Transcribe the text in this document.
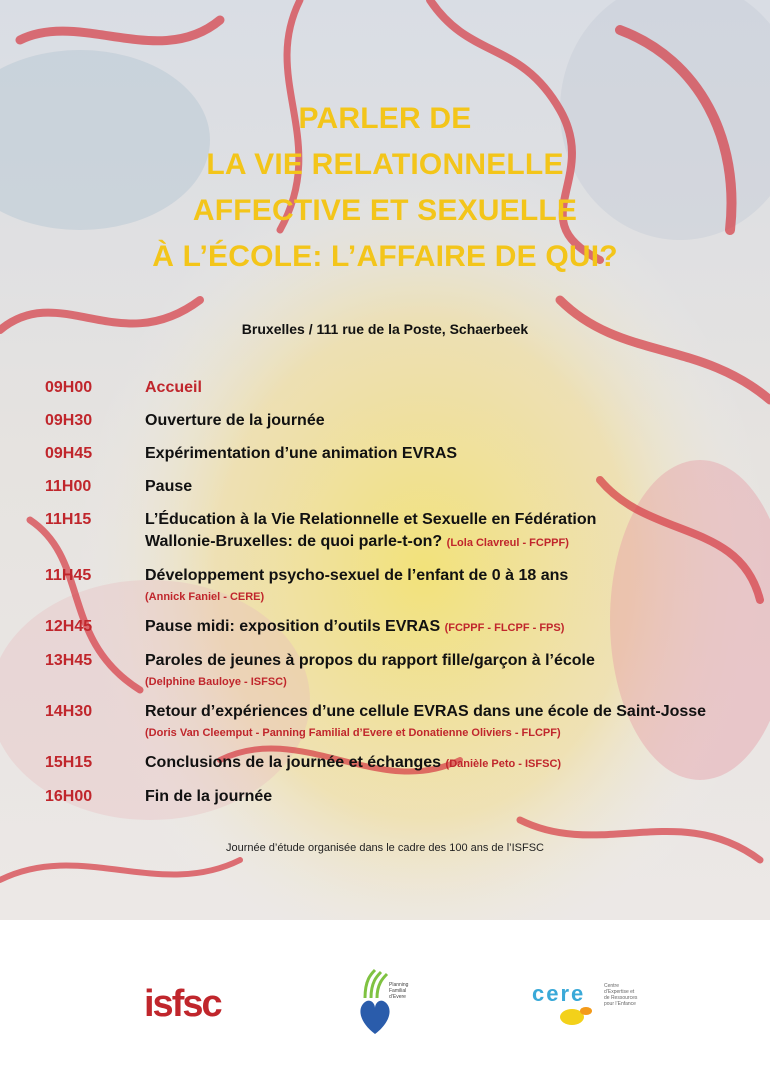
PARLER DE
LA VIE RELATIONNELLE
AFFECTIVE ET SEXUELLE
À L’ÉCOLE: L’AFFAIRE DE QUI?
Bruxelles / 111 rue de la Poste, Schaerbeek
09H00	Accueil
09H30	Ouverture de la journée
09H45	Expérimentation d’une animation EVRAS
11H00	Pause
11H15	L’Éducation à la Vie Relationnelle et Sexuelle en Fédération
Wallonie-Bruxelles: de quoi parle-t-on? (Lola Clavreul - FCPPF)
11H45	Développement psycho-sexuel de l’enfant de 0 à 18 ans
(Annick Faniel - CERE)
12H45	Pause midi: exposition d’outils EVRAS (FCPPF - FLCPF - FPS)
13H45	Paroles de jeunes à propos du rapport fille/garçon à l’école
(Delphine Bauloye - ISFSC)
14H30	Retour d’expériences d’une cellule EVRAS dans une école de Saint-Josse
(Doris Van Cleemput - Panning Familial d’Evere et Donatienne Oliviers - FLCPF)
15H15	Conclusions de la journée et échanges (Danièle Peto - ISFSC)
16H00	Fin de la journée
Journée d’étude organisée dans le cadre des 100 ans de l’ISFSC
isfsc	Planning
Familial
d’Evere	cere	Centre
d’Expertise et
de Ressources
pour l’Enfance
